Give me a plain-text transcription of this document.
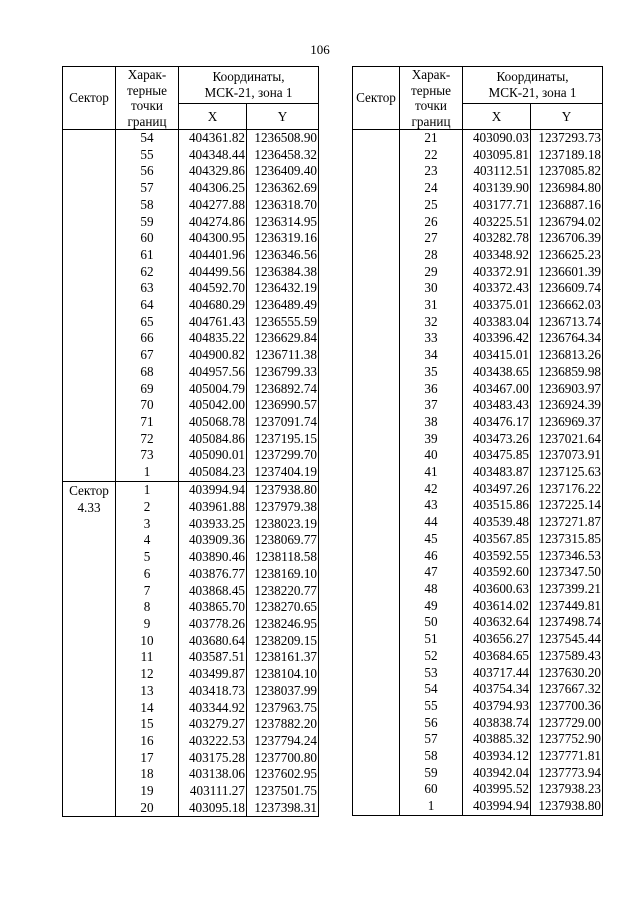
106
Сектор	Харак-
терные
точки
границ	Координаты,
МСК-21, зона 1	
		X	Y
	54	404361.82	1236508.90
	55	404348.44	1236458.32
	56	404329.86	1236409.40
	57	404306.25	1236362.69
	58	404277.88	1236318.70
	59	404274.86	1236314.95
	60	404300.95	1236319.16
	61	404401.96	1236346.56
	62	404499.56	1236384.38
	63	404592.70	1236432.19
	64	404680.29	1236489.49
	65	404761.43	1236555.59
	66	404835.22	1236629.84
	67	404900.82	1236711.38
	68	404957.56	1236799.33
	69	405004.79	1236892.74
	70	405042.00	1236990.57
	71	405068.78	1237091.74
	72	405084.86	1237195.15
	73	405090.01	1237299.70
	1	405084.23	1237404.19
Сектор	1	403994.94	1237938.80
4.33	2	403961.88	1237979.38
	3	403933.25	1238023.19
	4	403909.36	1238069.77
	5	403890.46	1238118.58
	6	403876.77	1238169.10
	7	403868.45	1238220.77
	8	403865.70	1238270.65
	9	403778.26	1238246.95
	10	403680.64	1238209.15
	11	403587.51	1238161.37
	12	403499.87	1238104.10
	13	403418.73	1238037.99
	14	403344.92	1237963.75
	15	403279.27	1237882.20
	16	403222.53	1237794.24
	17	403175.28	1237700.80
	18	403138.06	1237602.95
	19	403111.27	1237501.75
	20	403095.18	1237398.31
Сектор	Харак-
терные
точки
границ	Координаты,
МСК-21, зона 1	
		X	Y
	21	403090.03	1237293.73
	22	403095.81	1237189.18
	23	403112.51	1237085.82
	24	403139.90	1236984.80
	25	403177.71	1236887.16
	26	403225.51	1236794.02
	27	403282.78	1236706.39
	28	403348.92	1236625.23
	29	403372.91	1236601.39
	30	403372.43	1236609.74
	31	403375.01	1236662.03
	32	403383.04	1236713.74
	33	403396.42	1236764.34
	34	403415.01	1236813.26
	35	403438.65	1236859.98
	36	403467.00	1236903.97
	37	403483.43	1236924.39
	38	403476.17	1236969.37
	39	403473.26	1237021.64
	40	403475.85	1237073.91
	41	403483.87	1237125.63
	42	403497.26	1237176.22
	43	403515.86	1237225.14
	44	403539.48	1237271.87
	45	403567.85	1237315.85
	46	403592.55	1237346.53
	47	403592.60	1237347.50
	48	403600.63	1237399.21
	49	403614.02	1237449.81
	50	403632.64	1237498.74
	51	403656.27	1237545.44
	52	403684.65	1237589.43
	53	403717.44	1237630.20
	54	403754.34	1237667.32
	55	403794.93	1237700.36
	56	403838.74	1237729.00
	57	403885.32	1237752.90
	58	403934.12	1237771.81
	59	403942.04	1237773.94
	60	403995.52	1237938.23
	1	403994.94	1237938.80
